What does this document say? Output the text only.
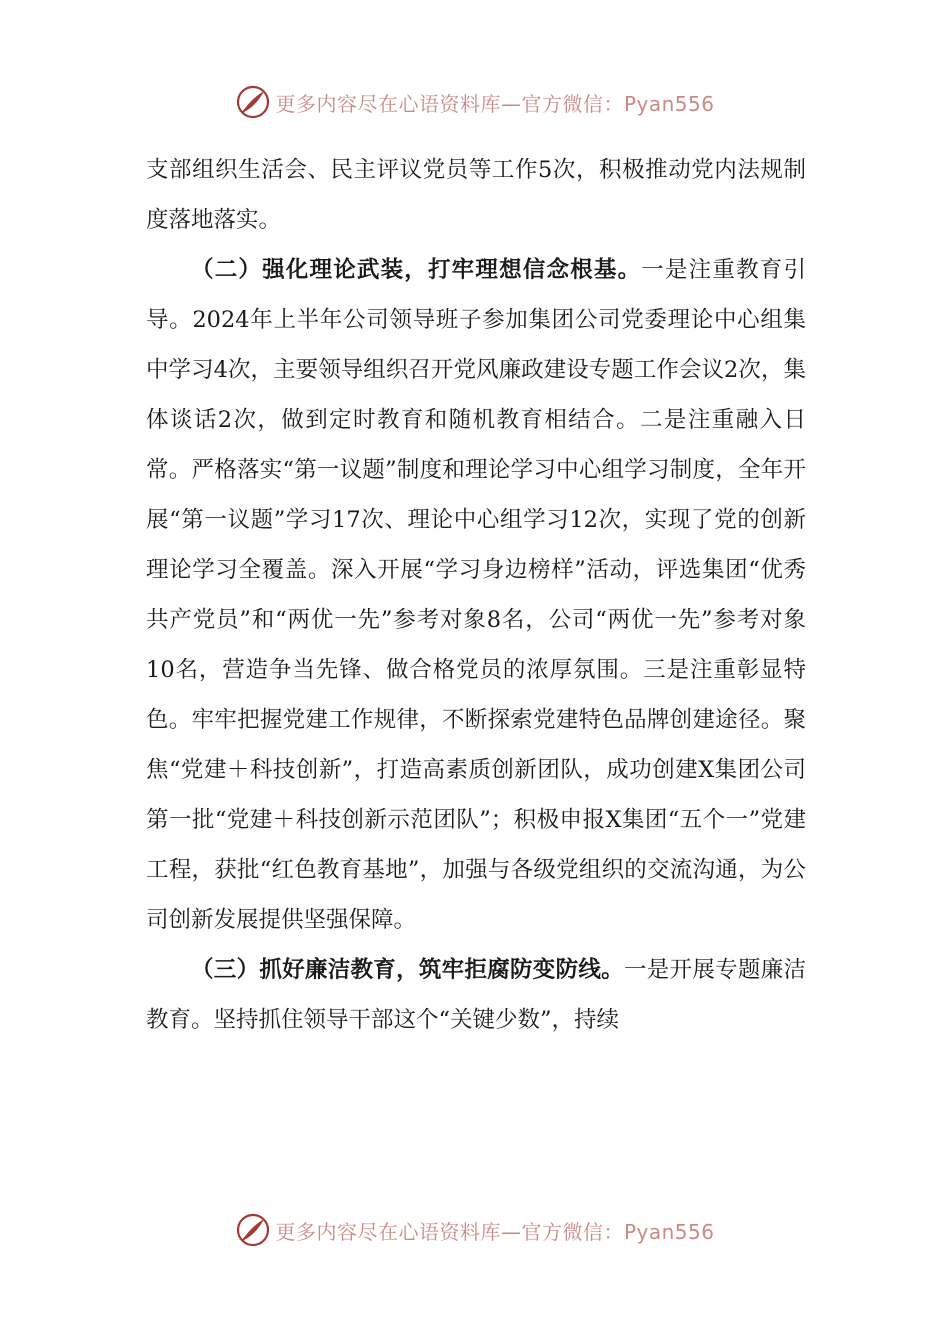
更多内容尽在心语资料库—官方微信：Pyan556

支部组织生活会、民主评议党员等工作5次，积极推动党内法规制度落地落实。

（二）强化理论武装，打牢理想信念根基。一是注重教育引导。2024年上半年公司领导班子参加集团公司党委理论中心组集中学习4次，主要领导组织召开党风廉政建设专题工作会议2次，集体谈话2次，做到定时教育和随机教育相结合。二是注重融入日常。严格落实“第一议题”制度和理论学习中心组学习制度，全年开展“第一议题”学习17次、理论中心组学习12次，实现了党的创新理论学习全覆盖。深入开展“学习身边榜样”活动，评选集团“优秀共产党员”和“两优一先”参考对象8名，公司“两优一先”参考对象10名，营造争当先锋、做合格党员的浓厚氛围。三是注重彰显特色。牢牢把握党建工作规律，不断探索党建特色品牌创建途径。聚焦“党建＋科技创新”，打造高素质创新团队，成功创建X集团公司第一批“党建＋科技创新示范团队”；积极申报X集团“五个一”党建工程，获批“红色教育基地”，加强与各级党组织的交流沟通，为公司创新发展提供坚强保障。

（三）抓好廉洁教育，筑牢拒腐防变防线。一是开展专题廉洁教育。坚持抓住领导干部这个“关键少数”，持续

更多内容尽在心语资料库—官方微信：Pyan556
